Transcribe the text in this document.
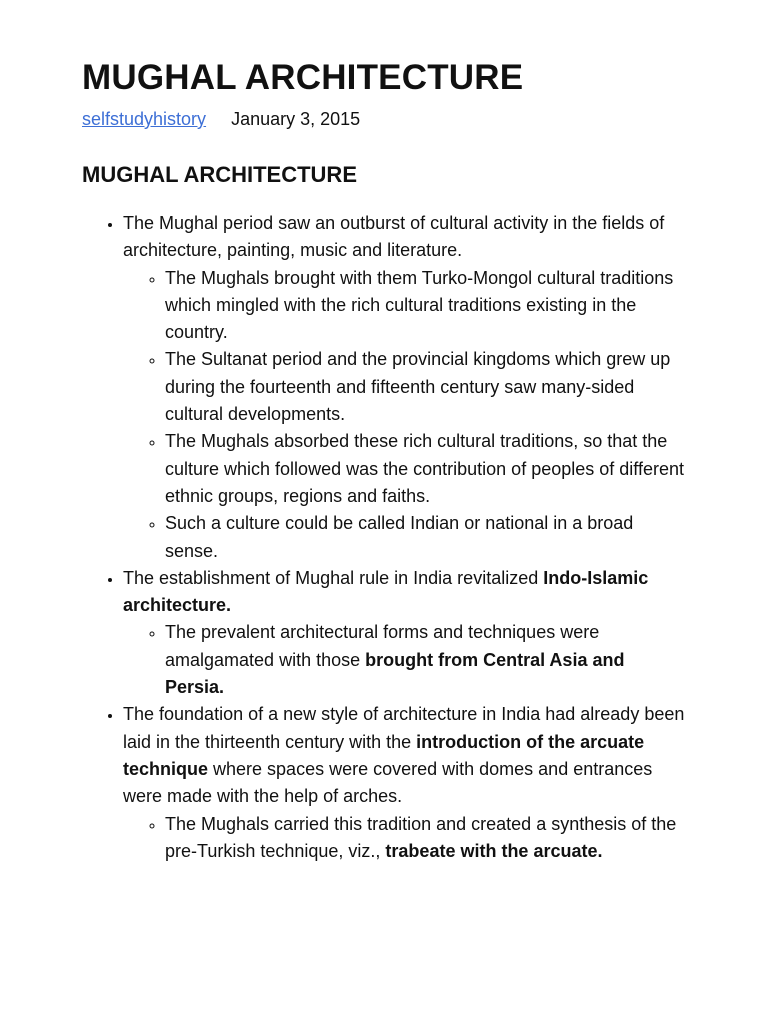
MUGHAL ARCHITECTURE
selfstudyhistory January 3, 2015
MUGHAL ARCHITECTURE
• The Mughal period saw an outburst of cultural activity in the fields of architecture, painting, music and literature.
◦ The Mughals brought with them Turko-Mongol cultural traditions which mingled with the rich cultural traditions existing in the country.
◦ The Sultanat period and the provincial kingdoms which grew up during the fourteenth and fifteenth century saw many-sided cultural developments.
◦ The Mughals absorbed these rich cultural traditions, so that the culture which followed was the contribution of peoples of different ethnic groups, regions and faiths.
◦ Such a culture could be called Indian or national in a broad sense.
• The establishment of Mughal rule in India revitalized Indo-Islamic architecture.
◦ The prevalent architectural forms and techniques were amalgamated with those brought from Central Asia and Persia.
• The foundation of a new style of architecture in India had already been laid in the thirteenth century with the introduction of the arcuate technique where spaces were covered with domes and entrances were made with the help of arches.
◦ The Mughals carried this tradition and created a synthesis of the pre-Turkish technique, viz., trabeate with the arcuate.
